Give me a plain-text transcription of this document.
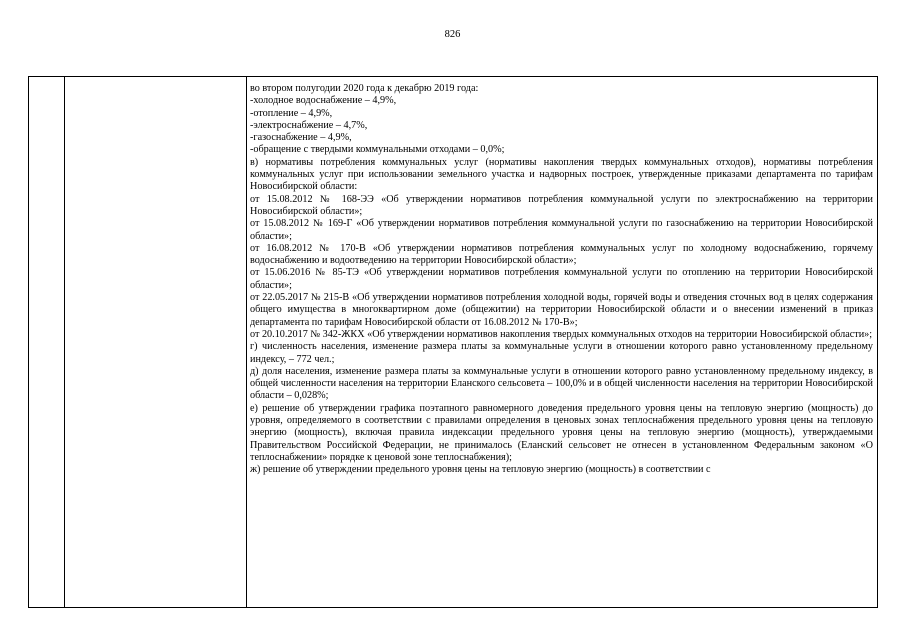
826

во втором полугодии 2020 года к декабрю 2019 года:

-холодное водоснабжение – 4,9%,

-отопление – 4,9%,

-электроснабжение – 4,7%,

-газоснабжение – 4,9%,

-обращение с твердыми коммунальными отходами – 0,0%;

в) нормативы потребления коммунальных услуг (нормативы накопления твердых коммунальных отходов), нормативы потребления коммунальных услуг при использовании земельного участка и надворных построек, утвержденные приказами департамента по тарифам Новосибирской области:

от 15.08.2012 № 168-ЭЭ «Об утверждении нормативов потребления коммунальной услуги по электроснабжению на территории Новосибирской области»;

от 15.08.2012 № 169-Г «Об утверждении нормативов потребления коммунальной услуги по газоснабжению на территории Новосибирской области»;

от 16.08.2012 № 170-В «Об утверждении нормативов потребления коммунальных услуг по холодному водоснабжению, горячему водоснабжению и водоотведению на территории Новосибирской области»;

от 15.06.2016 № 85-ТЭ «Об утверждении нормативов потребления коммунальной услуги по отоплению на территории Новосибирской области»;

от 22.05.2017 № 215-В «Об утверждении нормативов потребления холодной воды, горячей воды и отведения сточных вод в целях содержания общего имущества в многоквартирном доме (общежитии) на территории Новосибирской области и о внесении изменений в приказ департамента по тарифам Новосибирской области от 16.08.2012 № 170-В»;

от 20.10.2017 № 342-ЖКХ «Об утверждении нормативов накопления твердых коммунальных отходов на территории Новосибирской области»;

г) численность населения, изменение размера платы за коммунальные услуги в отношении которого равно установленному предельному индексу, – 772 чел.;

д) доля населения, изменение размера платы за коммунальные услуги в отношении которого равно установленному предельному индексу, в общей численности населения на территории Еланского сельсовета – 100,0% и в общей численности населения на территории Новосибирской области – 0,028%;

е) решение об утверждении графика поэтапного равномерного доведения предельного уровня цены на тепловую энергию (мощность) до уровня, определяемого в соответствии с правилами определения в ценовых зонах теплоснабжения предельного уровня цены на тепловую энергию (мощность), включая правила индексации предельного уровня цены на тепловую энергию (мощность), утверждаемыми Правительством Российской Федерации, не принималось (Еланский сельсовет не отнесен в установленном Федеральным законом «О теплоснабжении» порядке к ценовой зоне теплоснабжения);

ж) решение об утверждении предельного уровня цены на тепловую энергию (мощность) в соответствии с
